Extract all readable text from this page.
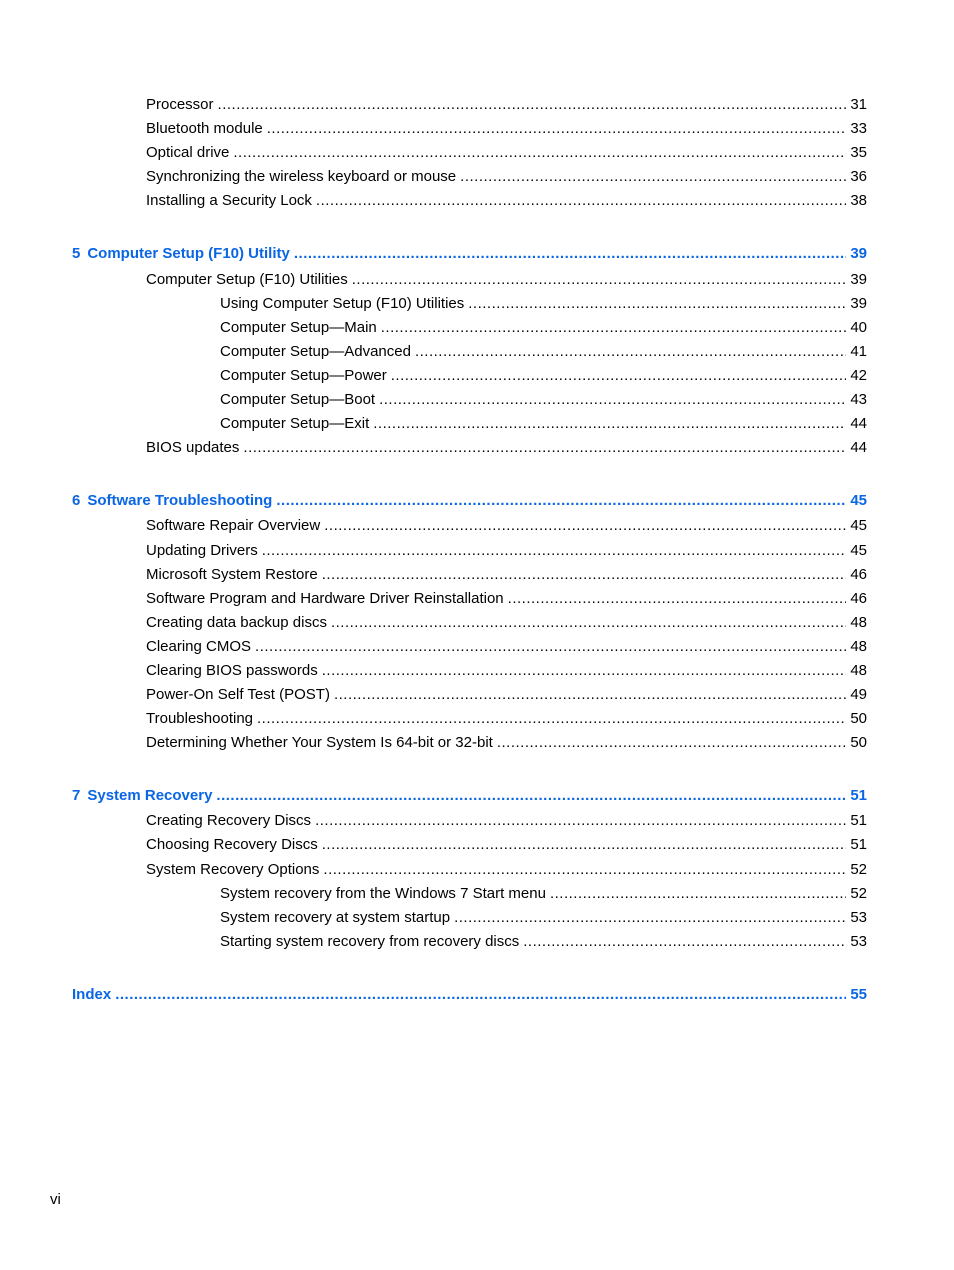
Processor .....	31
Bluetooth module .....	33
Optical drive .....	35
Synchronizing the wireless keyboard or mouse .....	36
Installing a Security Lock .....	38
5 Computer Setup (F10) Utility .....	39
Computer Setup (F10) Utilities .....	39
Using Computer Setup (F10) Utilities .....	39
Computer Setup—Main .....	40
Computer Setup—Advanced .....	41
Computer Setup—Power .....	42
Computer Setup—Boot .....	43
Computer Setup—Exit .....	44
BIOS updates .....	44
6 Software Troubleshooting .....	45
Software Repair Overview .....	45
Updating Drivers .....	45
Microsoft System Restore .....	46
Software Program and Hardware Driver Reinstallation .....	46
Creating data backup discs .....	48
Clearing CMOS .....	48
Clearing BIOS passwords .....	48
Power-On Self Test (POST) .....	49
Troubleshooting .....	50
Determining Whether Your System Is 64-bit or 32-bit .....	50
7 System Recovery .....	51
Creating Recovery Discs .....	51
Choosing Recovery Discs .....	51
System Recovery Options .....	52
System recovery from the Windows 7 Start menu .....	52
System recovery at system startup .....	53
Starting system recovery from recovery discs .....	53
Index .....	55
vi
